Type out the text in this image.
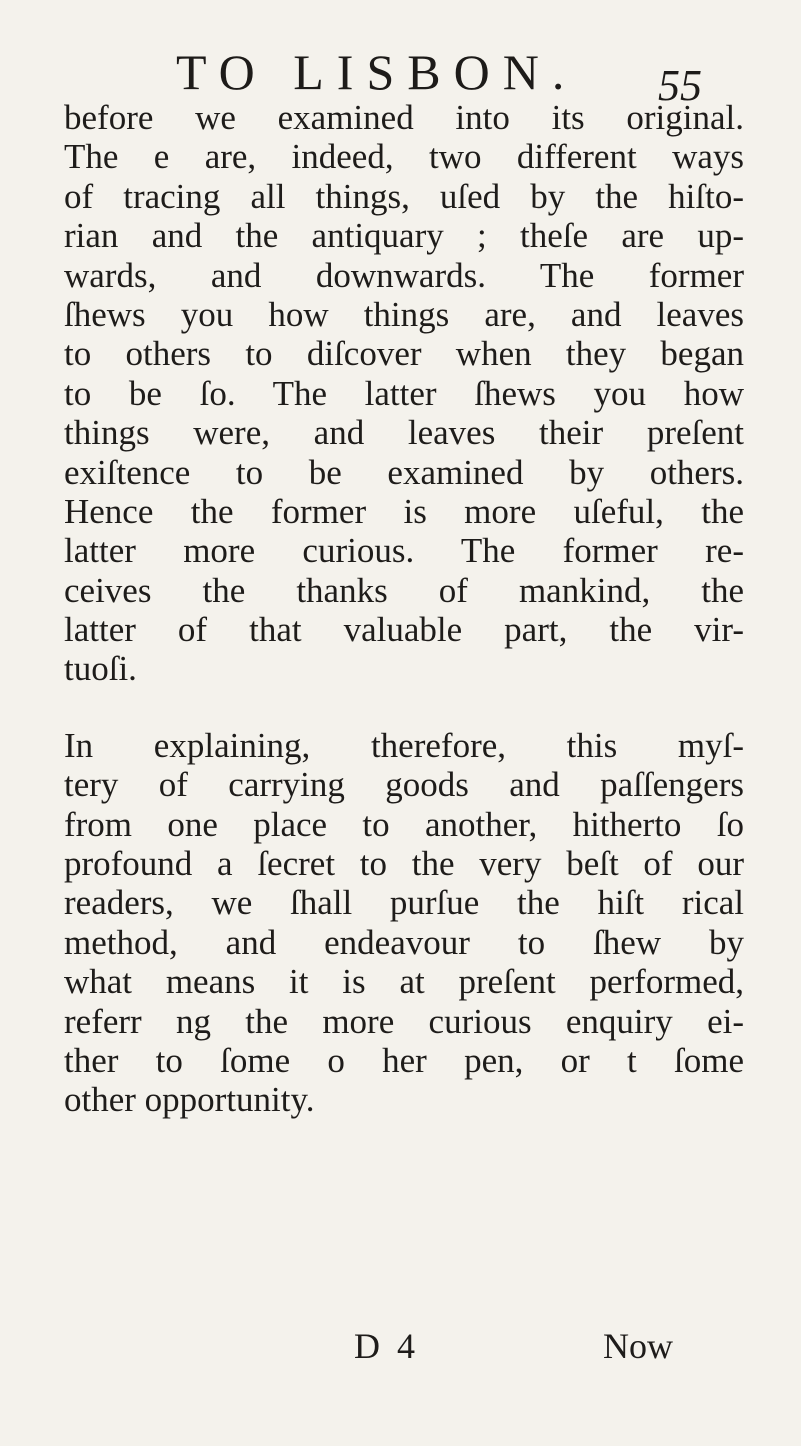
TO LISBON. 55
before we examined into its original.
The e are, indeed, two different ways
of tracing all things, uſed by the hiſto-
rian and the antiquary ; theſe are up-
wards, and downwards. The former
ſhews you how things are, and leaves
to others to diſcover when they began
to be ſo. The latter ſhews you how
things were, and leaves their preſent
exiſtence to be examined by others.
Hence the former is more uſeful, the
latter more curious. The former re-
ceives the thanks of mankind, the
latter of that valuable part, the vir-
tuoſi.
In explaining, therefore, this myſ-
tery of carrying goods and paſſengers
from one place to another, hitherto ſo
profound a ſecret to the very beſt of our
readers, we ſhall purſue the hiſt rical
method, and endeavour to ſhew by
what means it is at preſent performed,
referr ng the more curious enquiry ei-
ther to ſome o her pen, or t ſome
other opportunity.
D 4	Now
